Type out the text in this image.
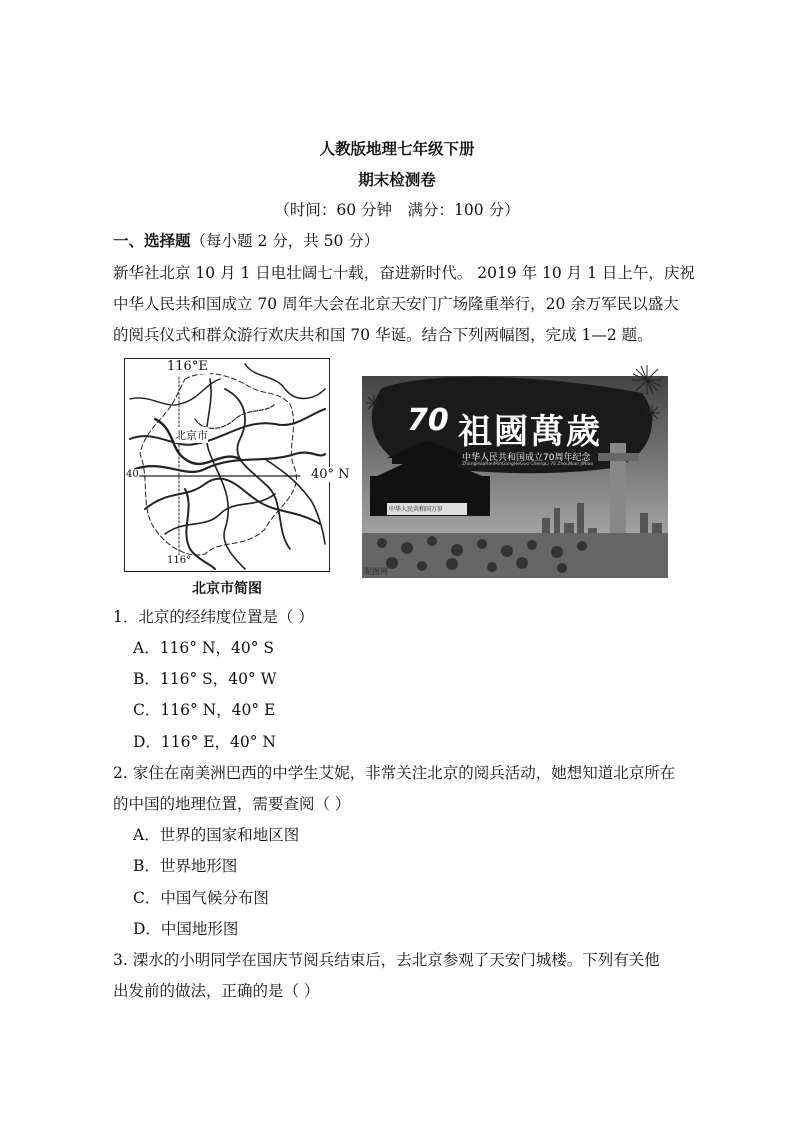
人教版地理七年级下册
期末检测卷
（时间：60 分钟　满分：100 分）
一、选择题（每小题 2 分，共 50 分）
新华社北京 10 月 1 日电壮阔七十载，奋进新时代。 2019 年 10 月 1 日上午，庆祝
中华人民共和国成立 70 周年大会在北京天安门广场隆重举行，20 余万军民以盛大
的阅兵仪式和群众游行欢庆共和国 70 华诞。结合下列两幅图，完成 1—2 题。
116°E
北京市
40
116°
40° N
北京市简图
70 祖國萬歲
中华人民共和国成立70周年纪念
ZhongHuaRenMinGongHeGuo ChengLi 70 ZhouNian JiNian
中华人民共和国万岁
昵图网
1．北京的经纬度位置是（ ）
A．116° N，40° S
B．116° S，40° W
C．116° N，40° E
D．116° E，40° N
2. 家住在南美洲巴西的中学生艾妮，非常关注北京的阅兵活动，她想知道北京所在
的中国的地理位置，需要查阅（ ）
A．世界的国家和地区图
B．世界地形图
C．中国气候分布图
D．中国地形图
3. 溧水的小明同学在国庆节阅兵结束后，去北京参观了天安门城楼。下列有关他
出发前的做法，正确的是（ ）
